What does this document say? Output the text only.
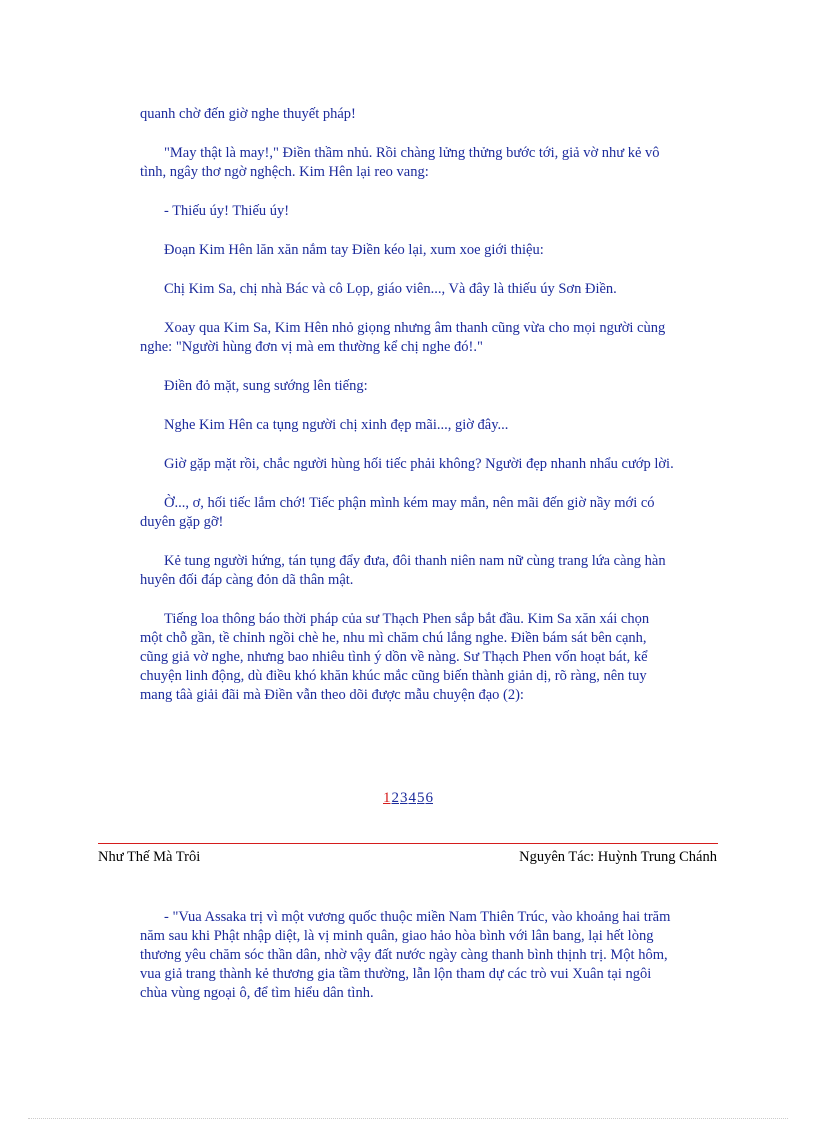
quanh chờ đến giờ nghe thuyết pháp!

"May thật là may!," Điền thầm nhủ. Rồi chàng lửng thửng bước tới, giả vờ như kẻ vô tình, ngây thơ ngờ nghệch. Kim Hên lại reo vang:

- Thiếu úy! Thiếu úy!

Đoạn Kim Hên lăn xăn nắm tay Điền kéo lại, xum xoe giới thiệu:

Chị Kim Sa, chị nhà Bác và cô Lọp, giáo viên..., Và đây là thiếu úy Sơn Điền.

Xoay qua Kim Sa, Kim Hên nhỏ giọng nhưng âm thanh cũng vừa cho mọi người cùng nghe: "Người hùng đơn vị mà em thường kể chị nghe đó!."

Điền đỏ mặt, sung sướng lên tiếng:

Nghe Kim Hên ca tụng người chị xinh đẹp mãi..., giờ đây...

Giờ gặp mặt rồi, chắc người hùng hối tiếc phải không? Người đẹp nhanh nhẩu cướp lời.

Ờ..., ơ, hối tiếc lắm chớ! Tiếc phận mình kém may mắn, nên mãi đến giờ nầy mới có duyên gặp gỡ!

Kẻ tung người hứng, tán tụng đẩy đưa, đôi thanh niên nam nữ cùng trang lứa càng hàn huyên đối đáp càng đỏn dã thân mật.

Tiếng loa thông báo thời pháp của sư Thạch Phen sắp bắt đầu. Kim Sa xăn xái chọn một chỗ gần, tề chỉnh ngồi chè he, nhu mì chăm chú lắng nghe. Điền bám sát bên cạnh, cũng giả vờ nghe, nhưng bao nhiêu tình ý dồn về nàng. Sư Thạch Phen vốn hoạt bát, kể chuyện linh động, dù điều khó khăn khúc mắc cũng biến thành giản dị, rõ ràng, nên tuy mang tâà giải đãi mà Điền vẫn theo dõi được mẫu chuyện đạo (2):

123456
Như Thế Mà Trôi	Nguyên Tác: Huỳnh Trung Chánh

- "Vua Assaka trị vì một vương quốc thuộc miền Nam Thiên Trúc, vào khoảng hai trăm năm sau khi Phật nhập diệt, là vị minh quân, giao hảo hòa bình với lân bang, lại hết lòng thương yêu chăm sóc thần dân, nhờ vậy đất nước ngày càng thanh bình thịnh trị. Một hôm, vua giả trang thành kẻ thương gia tầm thường, lẫn lộn tham dự các trò vui Xuân tại ngôi chùa vùng ngoại ô, để tìm hiểu dân tình.
